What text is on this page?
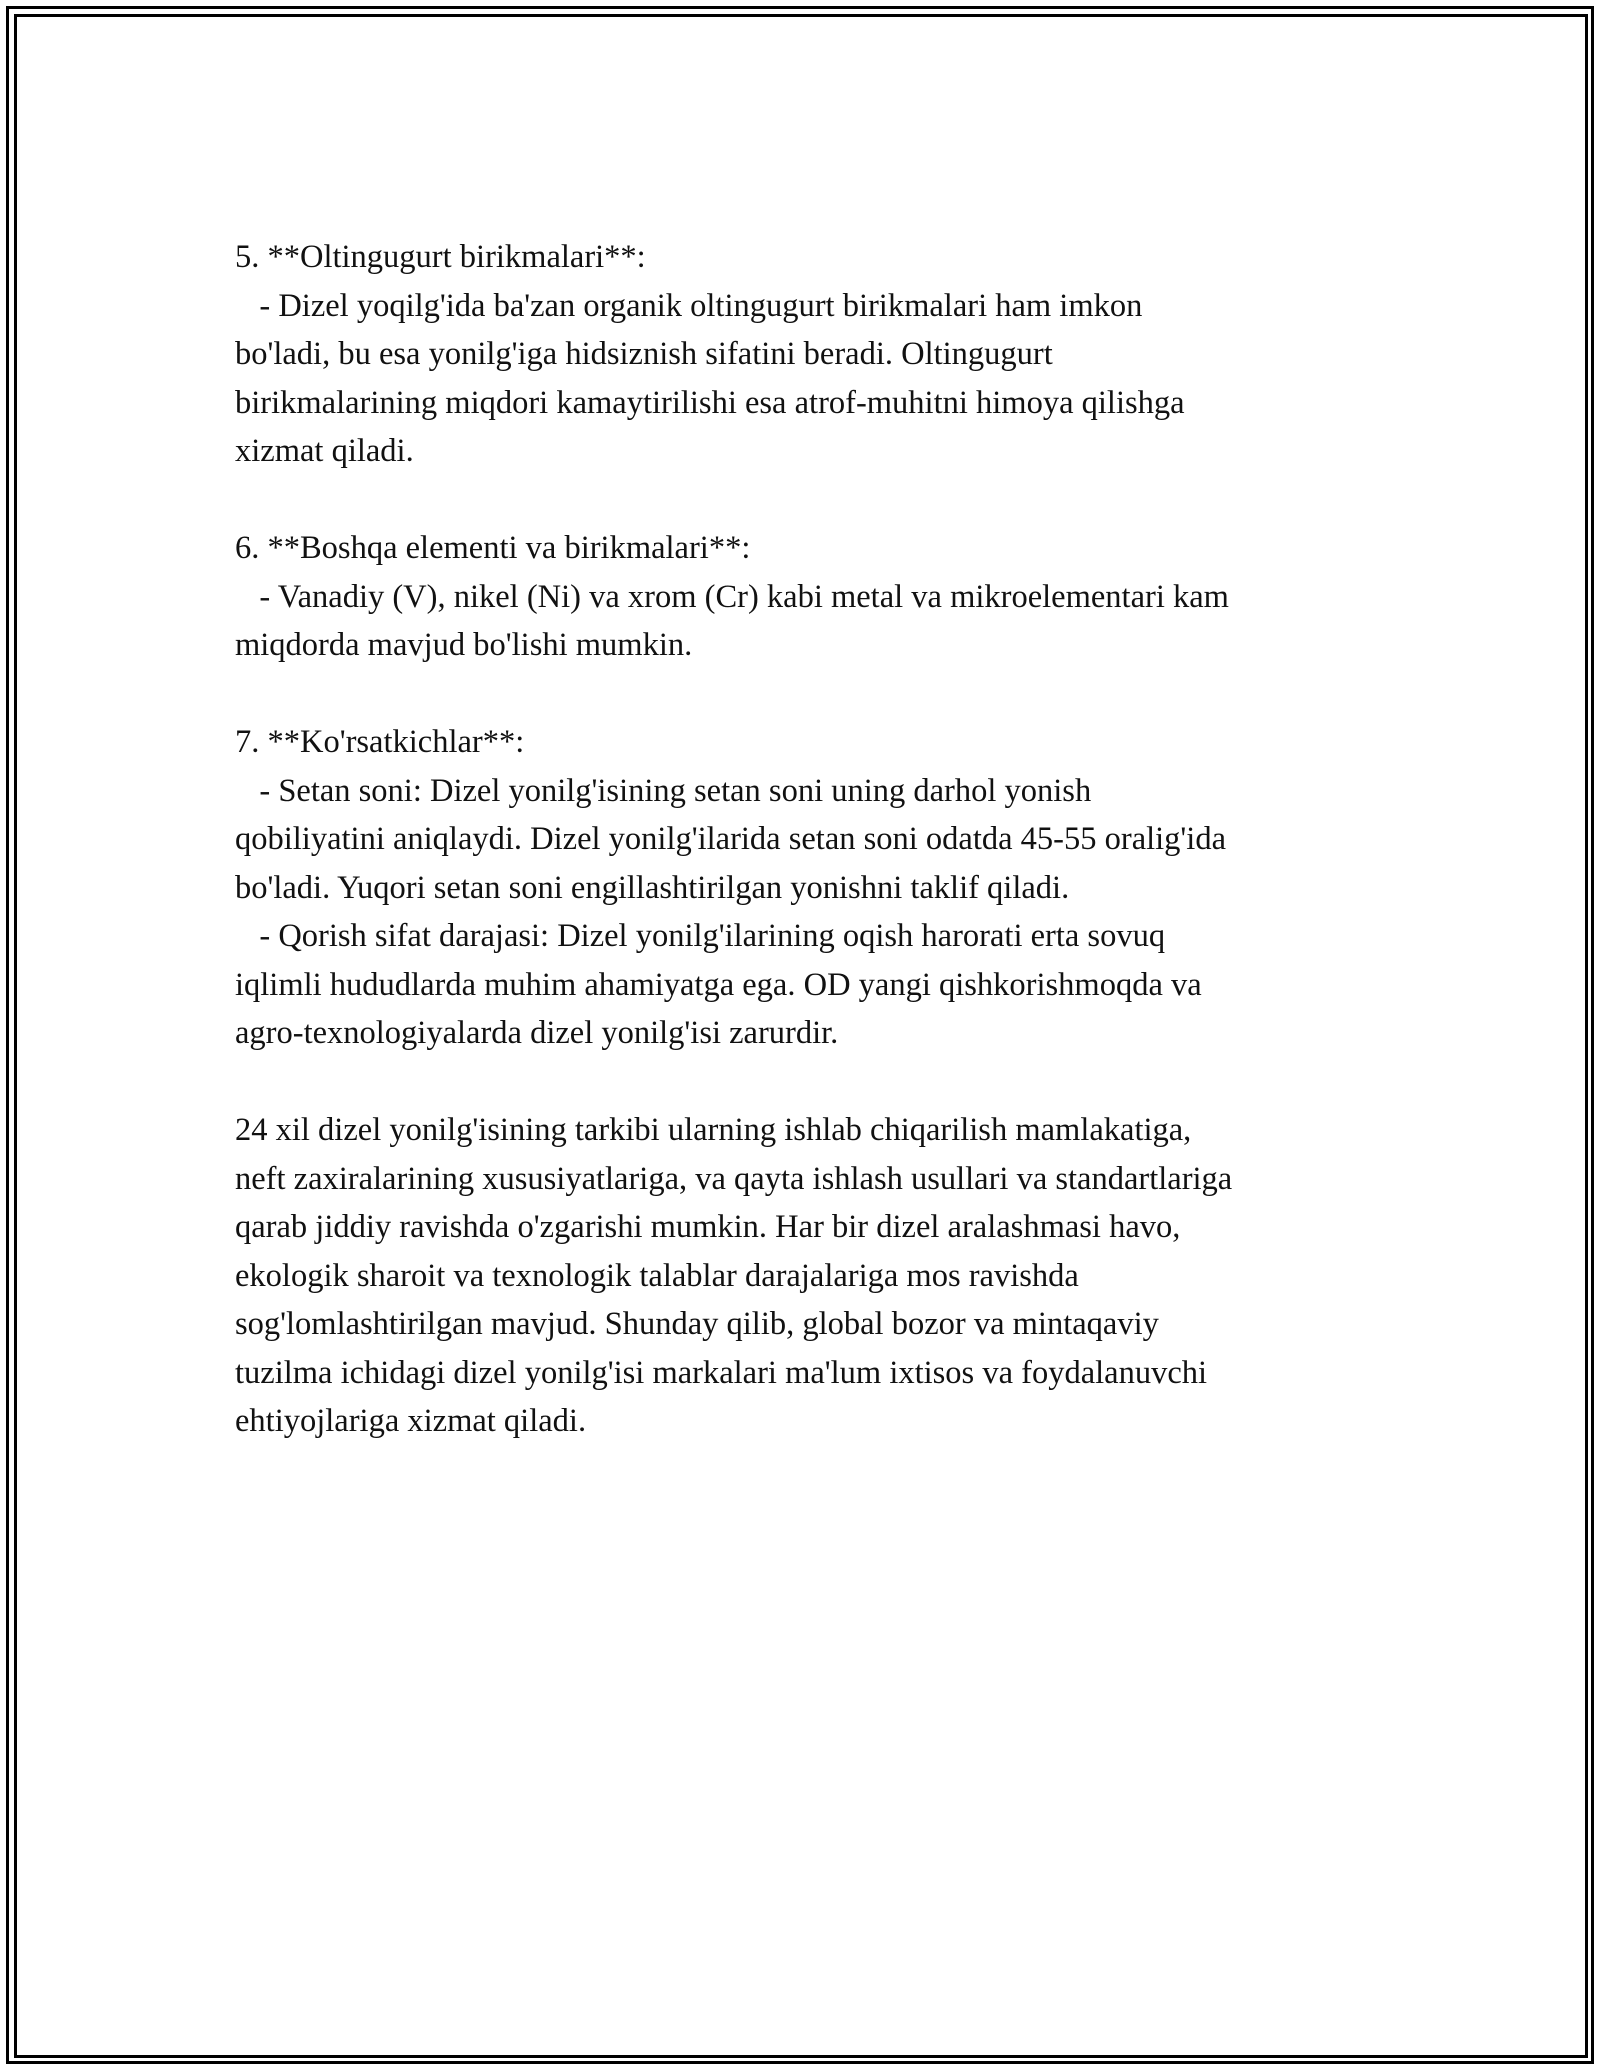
5. **Oltingugurt birikmalari**:

- Dizel yoqilg'ida ba'zan organik oltingugurt birikmalari ham imkon

bo'ladi, bu esa yonilg'iga hidsiznish sifatini beradi. Oltingugurt

birikmalarining miqdori kamaytirilishi esa atrof-muhitni himoya qilishga

xizmat qiladi.

6. **Boshqa elementi va birikmalari**:

- Vanadiy (V), nikel (Ni) va xrom (Cr) kabi metal va mikroelementari kam

miqdorda mavjud bo'lishi mumkin.

7. **Ko'rsatkichlar**:

- Setan soni: Dizel yonilg'isining setan soni uning darhol yonish

qobiliyatini aniqlaydi. Dizel yonilg'ilarida setan soni odatda 45-55 oralig'ida

bo'ladi. Yuqori setan soni engillashtirilgan yonishni taklif qiladi.

- Qorish sifat darajasi: Dizel yonilg'ilarining oqish harorati erta sovuq

iqlimli hududlarda muhim ahamiyatga ega. OD yangi qishkorishmoqda va

agro-texnologiyalarda dizel yonilg'isi zarurdir.

24 xil dizel yonilg'isining tarkibi ularning ishlab chiqarilish mamlakatiga,

neft zaxiralarining xususiyatlariga, va qayta ishlash usullari va standartlariga

qarab jiddiy ravishda o'zgarishi mumkin. Har bir dizel aralashmasi havo,

ekologik sharoit va texnologik talablar darajalariga mos ravishda

sog'lomlashtirilgan mavjud. Shunday qilib, global bozor va mintaqaviy

tuzilma ichidagi dizel yonilg'isi markalari ma'lum ixtisos va foydalanuvchi

ehtiyojlariga xizmat qiladi.
